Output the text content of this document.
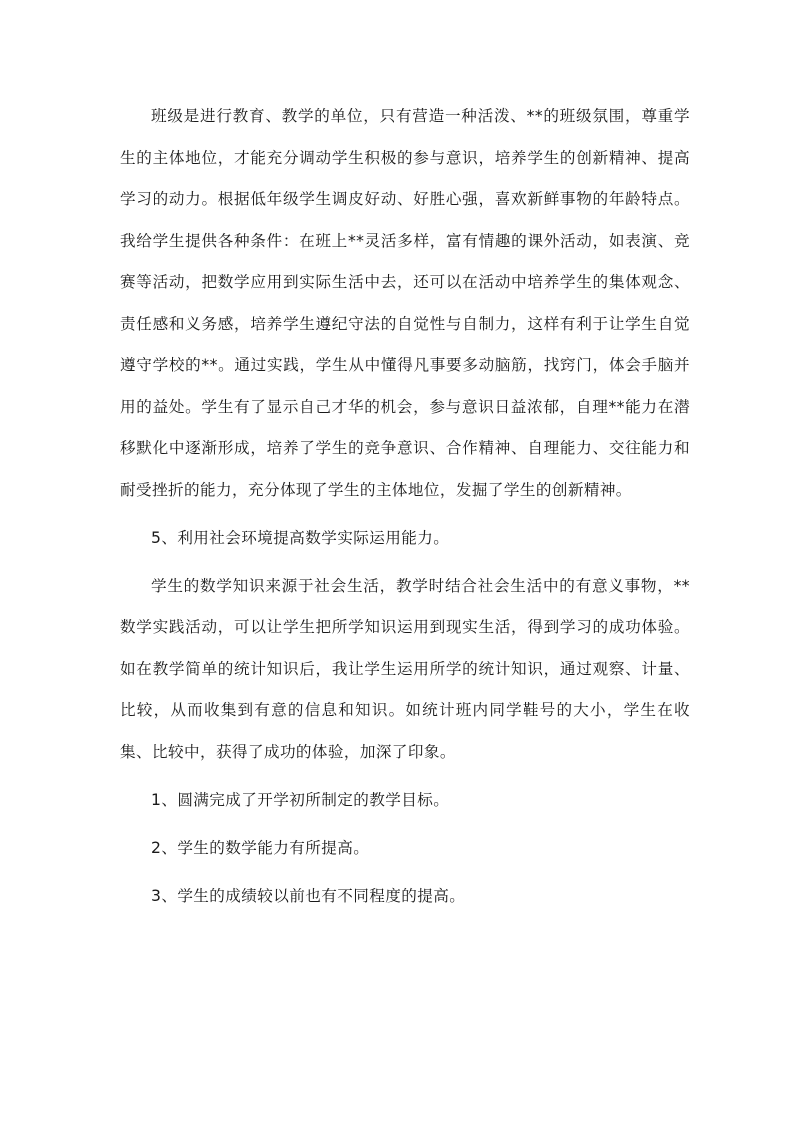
班级是进行教育、教学的单位，只有营造一种活泼、**的班级氛围，尊重学生的主体地位，才能充分调动学生积极的参与意识，培养学生的创新精神、提高学习的动力。根据低年级学生调皮好动、好胜心强，喜欢新鲜事物的年龄特点。我给学生提供各种条件：在班上**灵活多样，富有情趣的课外活动，如表演、竞赛等活动，把数学应用到实际生活中去，还可以在活动中培养学生的集体观念、责任感和义务感，培养学生遵纪守法的自觉性与自制力，这样有利于让学生自觉遵守学校的**。通过实践，学生从中懂得凡事要多动脑筋，找窍门，体会手脑并用的益处。学生有了显示自己才华的机会，参与意识日益浓郁，自理**能力在潜移默化中逐渐形成，培养了学生的竞争意识、合作精神、自理能力、交往能力和耐受挫折的能力，充分体现了学生的主体地位，发掘了学生的创新精神。

5、利用社会环境提高数学实际运用能力。

学生的数学知识来源于社会生活，教学时结合社会生活中的有意义事物，**数学实践活动，可以让学生把所学知识运用到现实生活，得到学习的成功体验。如在教学简单的统计知识后，我让学生运用所学的统计知识，通过观察、计量、比较，从而收集到有意的信息和知识。如统计班内同学鞋号的大小，学生在收集、比较中，获得了成功的体验，加深了印象。

1、圆满完成了开学初所制定的教学目标。

2、学生的数学能力有所提高。

3、学生的成绩较以前也有不同程度的提高。
